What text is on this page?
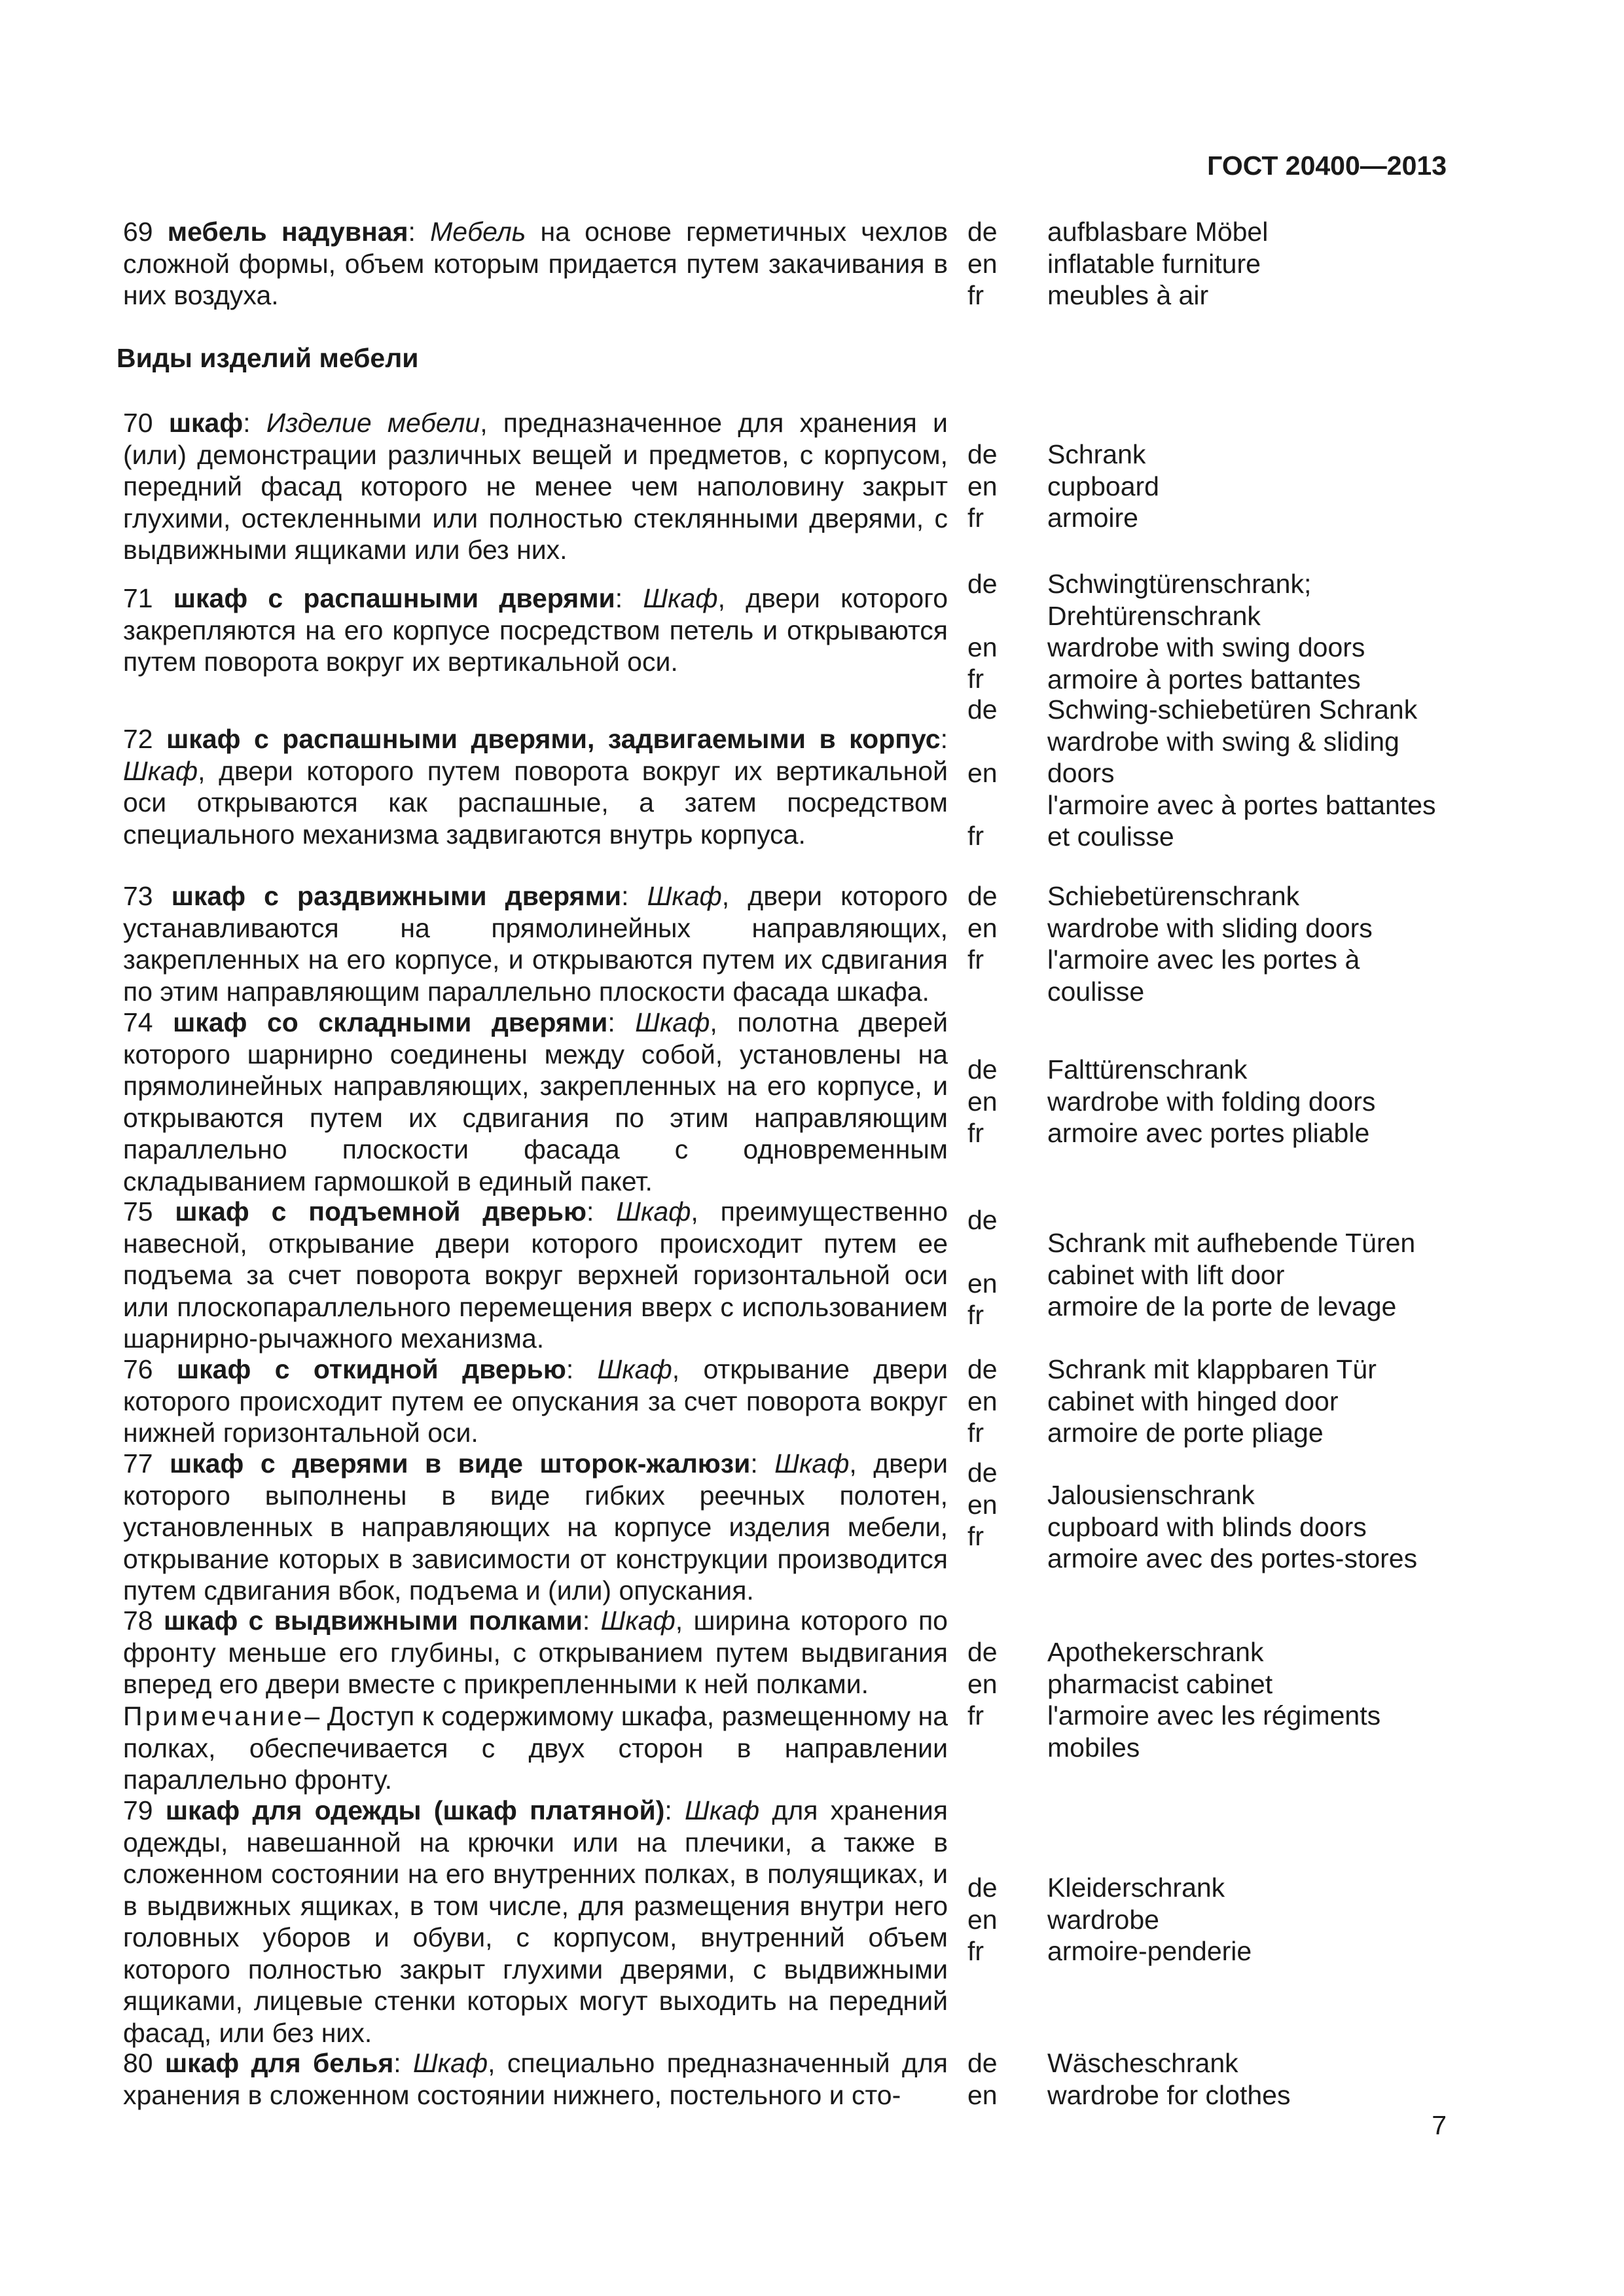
ГОСТ 20400—2013

69 мебель надувная: Мебель на основе герметичных чехлов сложной формы, объем которым придается путем закачивания в них воздуха.

de
en
fr
aufblasbare Möbel
inflatable furniture
meubles à air
Виды изделий мебели

70 шкаф: Изделие мебели, предназначенное для хранения и (или) демонстрации различных вещей и предметов, с корпусом, передний фасад которого не менее чем наполовину закрыт глухими, остекленными или полностью стеклянными дверями, с выдвижными ящиками или без них.

de
en
fr
Schrank
cupboard
armoire

71 шкаф с распашными дверями: Шкаф, двери которого закрепляются на его корпусе посредством петель и открываются путем поворота вокруг их вертикальной оси.

de
en
fr
Schwingtürenschrank; Drehtürenschrank
wardrobe with swing doors
armoire à portes battantes

72 шкаф с распашными дверями, задвигаемыми в корпус: Шкаф, двери которого путем поворота вокруг их вертикальной оси открываются как распашные, а затем посредством специального механизма задвигаются внутрь корпуса.

de
en
fr
Schwing-schiebetüren Schrank
wardrobe with swing & sliding doors
l'armoire avec à portes battantes et coulisse

73 шкаф с раздвижными дверями: Шкаф, двери которого устанавливаются на прямолинейных направляющих, закрепленных на его корпусе, и открываются путем их сдвигания по этим направляющим параллельно плоскости фасада шкафа.

de
en
fr
Schiebetürenschrank
wardrobe with sliding doors
l'armoire avec les portes à coulisse

74 шкаф со складными дверями: Шкаф, полотна дверей которого шарнирно соединены между собой, установлены на прямолинейных направляющих, закрепленных на его корпусе, и открываются путем их сдвигания по этим направляющим параллельно плоскости фасада с одновременным складыванием гармошкой в единый пакет.

de
en
fr
Falttürenschrank
wardrobe with folding doors
armoire avec portes pliable

75 шкаф с подъемной дверью: Шкаф, преимущественно навесной, открывание двери которого происходит путем ее подъема за счет поворота вокруг верхней горизонтальной оси или плоскопараллельного перемещения вверх с использованием шарнирно-рычажного механизма.

de
en
fr
Schrank mit aufhebende Türen
cabinet with lift door
armoire de la porte de levage

76 шкаф с откидной дверью: Шкаф, открывание двери которого происходит путем ее опускания за счет поворота вокруг нижней горизонтальной оси.

de
en
fr
Schrank mit klappbaren Tür
cabinet with hinged door
armoire de porte pliage

77 шкаф с дверями в виде шторок-жалюзи: Шкаф, двери которого выполнены в виде гибких реечных полотен, установленных в направляющих на корпусе изделия мебели, открывание которых в зависимости от конструкции производится путем сдвигания вбок, подъема и (или) опускания.

de
en
fr
Jalousienschrank
cupboard with blinds doors
armoire avec des portes-stores

78 шкаф с выдвижными полками: Шкаф, ширина которого по фронту меньше его глубины, с открыванием путем выдвигания вперед его двери вместе с прикрепленными к ней полками.

Примечание– Доступ к содержимому шкафа, размещенному на полках, обеспечивается с двух сторон в направлении параллельно фронту.

de
en
fr
Apothekerschrank
pharmacist cabinet
l'armoire avec les régiments mobiles

79 шкаф для одежды (шкаф платяной): Шкаф для хранения одежды, навешанной на крючки или на плечики, а также в сложенном состоянии на его внутренних полках, в полуящиках, и в выдвижных ящиках, в том числе, для размещения внутри него головных уборов и обуви, с корпусом, внутренний объем которого полностью закрыт глухими дверями, с выдвижными ящиками, лицевые стенки которых могут выходить на передний фасад, или без них.

de
en
fr
Kleiderschrank
wardrobe
armoire-penderie

80 шкаф для белья: Шкаф, специально предназначенный для хранения в сложенном состоянии нижнего, постельного и сто-

de
en
Wäscheschrank
wardrobe for clothes
7
